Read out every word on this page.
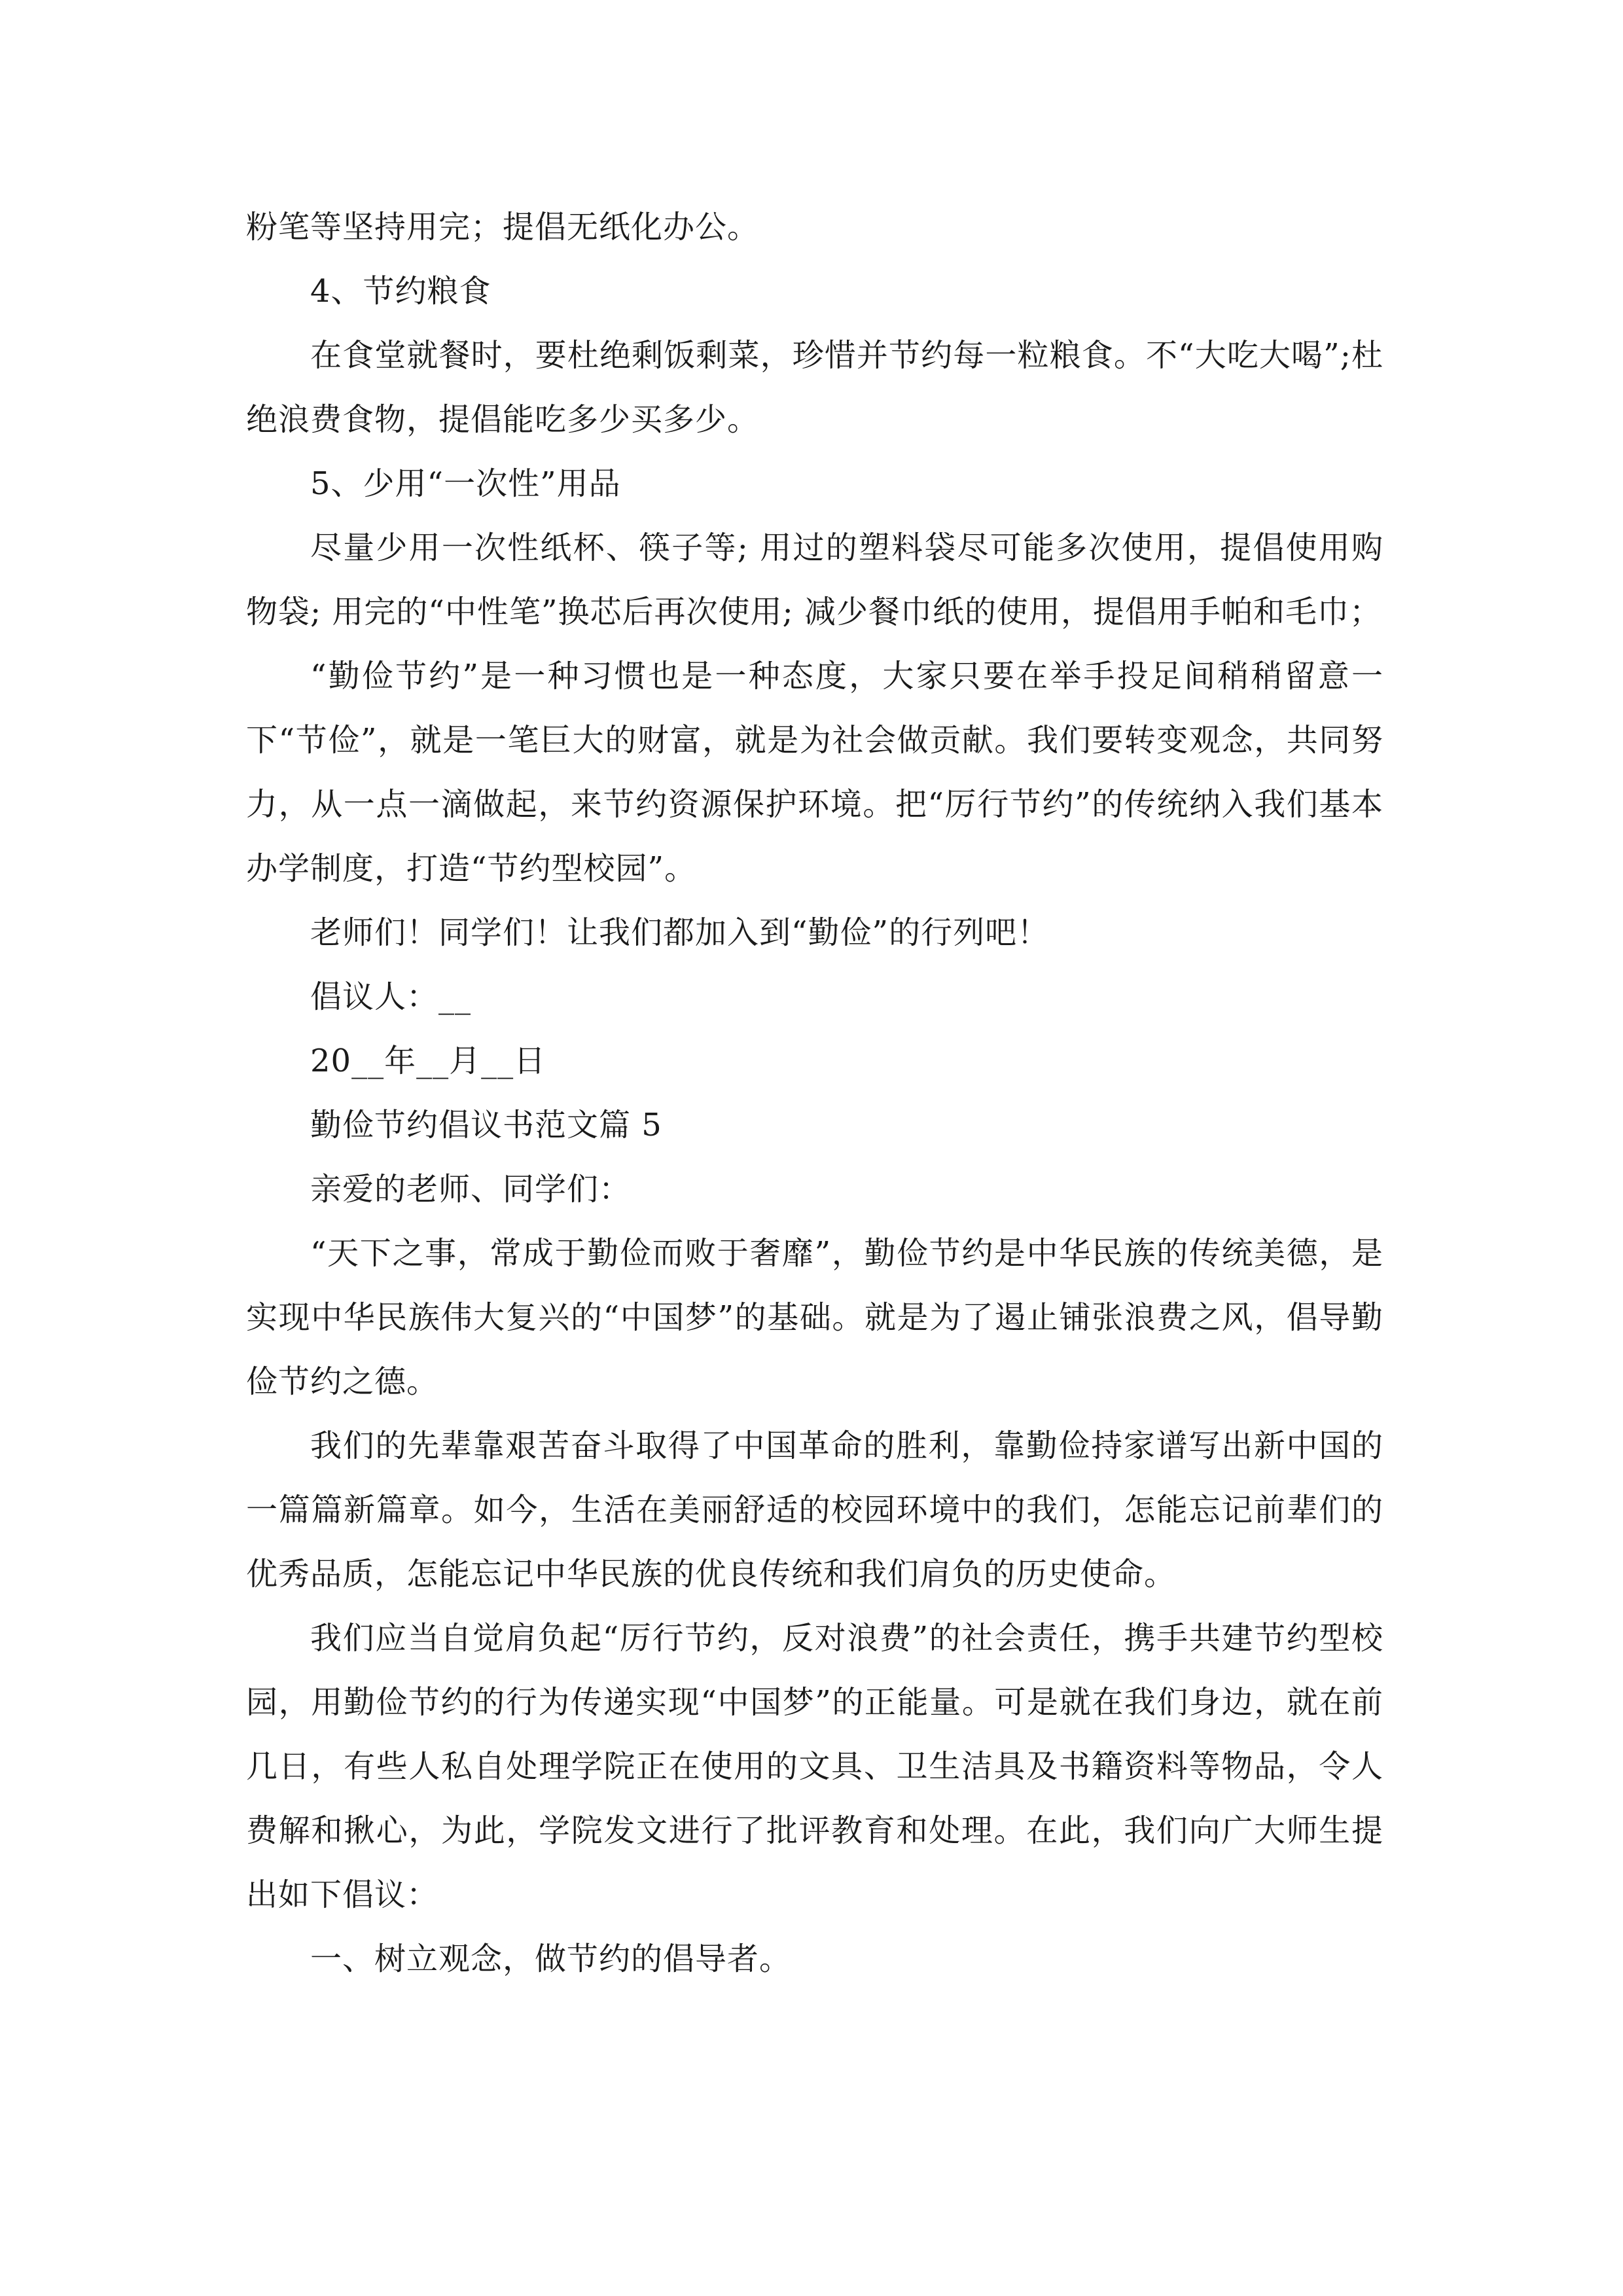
粉笔等坚持用完；提倡无纸化办公。

4、节约粮食

在食堂就餐时，要杜绝剩饭剩菜，珍惜并节约每一粒粮食。不“大吃大喝”;杜绝浪费食物，提倡能吃多少买多少。

5、少用“一次性”用品

尽量少用一次性纸杯、筷子等; 用过的塑料袋尽可能多次使用，提倡使用购物袋; 用完的“中性笔”换芯后再次使用; 减少餐巾纸的使用，提倡用手帕和毛巾；

“勤俭节约”是一种习惯也是一种态度，大家只要在举手投足间稍稍留意一下“节俭”，就是一笔巨大的财富，就是为社会做贡献。我们要转变观念，共同努力，从一点一滴做起，来节约资源保护环境。把“厉行节约”的传统纳入我们基本办学制度，打造“节约型校园”。

老师们！同学们！让我们都加入到“勤俭”的行列吧！

倡议人：__

20__年__月__日

勤俭节约倡议书范文篇 5

亲爱的老师、同学们：

“天下之事，常成于勤俭而败于奢靡”，勤俭节约是中华民族的传统美德，是实现中华民族伟大复兴的“中国梦”的基础。就是为了遏止铺张浪费之风，倡导勤俭节约之德。

我们的先辈靠艰苦奋斗取得了中国革命的胜利，靠勤俭持家谱写出新中国的一篇篇新篇章。如今，生活在美丽舒适的校园环境中的我们，怎能忘记前辈们的优秀品质，怎能忘记中华民族的优良传统和我们肩负的历史使命。

我们应当自觉肩负起“厉行节约，反对浪费”的社会责任，携手共建节约型校园，用勤俭节约的行为传递实现“中国梦”的正能量。可是就在我们身边，就在前几日，有些人私自处理学院正在使用的文具、卫生洁具及书籍资料等物品，令人费解和揪心，为此，学院发文进行了批评教育和处理。在此，我们向广大师生提出如下倡议：

一、树立观念，做节约的倡导者。
